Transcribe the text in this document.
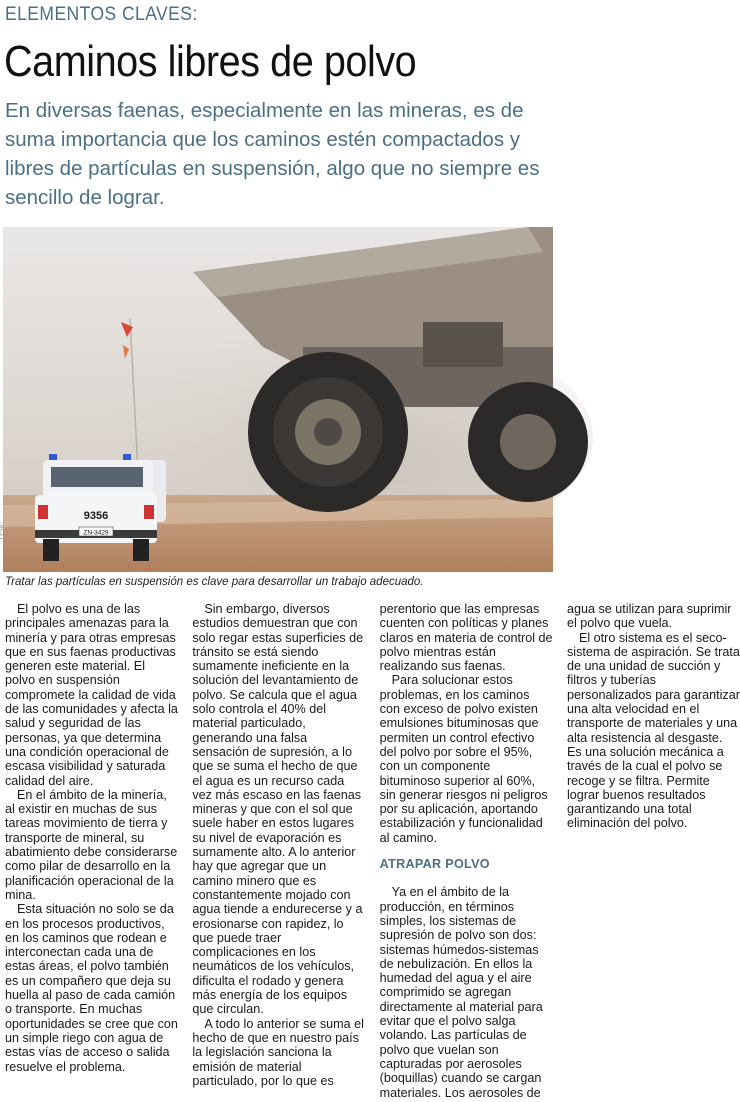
ELEMENTOS CLAVES:
Caminos libres de polvo

En diversas faenas, especialmente en las mineras, es de suma importancia que los caminos estén compactados y libres de partículas en suspensión, algo que no siempre es sencillo de lograr.

9356
ZN-3429
CCHC
Tratar las partículas en suspensión es clave para desarrollar un trabajo adecuado.

El polvo es una de las principales amenazas para la minería y para otras empresas que en sus faenas productivas generen este material. El polvo en suspensión compromete la calidad de vida de las comunidades y afecta la salud y seguridad de las personas, ya que determina una condición operacional de escasa visibilidad y saturada calidad del aire.

En el ámbito de la minería, al existir en muchas de sus tareas movimiento de tierra y transporte de mineral, su abatimiento debe considerarse como pilar de desarrollo en la planificación operacional de la mina.

Esta situación no solo se da en los procesos productivos, en los caminos que rodean e interconectan cada una de estas áreas, el polvo también es un compañero que deja su huella al paso de cada camión o transporte. En muchas oportunidades se cree que con un simple riego con agua de estas vías de acceso o salida resuelve el problema.

Sin embargo, diversos estudios demuestran que con solo regar estas superficies de tránsito se está siendo sumamente ineficiente en la solución del levantamiento de polvo. Se calcula que el agua solo controla el 40% del material particulado, generando una falsa sensación de supresión, a lo que se suma el hecho de que el agua es un recurso cada vez más escaso en las faenas mineras y que con el sol que suele haber en estos lugares su nivel de evaporación es sumamente alto. A lo anterior hay que agregar que un camino minero que es constantemente mojado con agua tiende a endurecerse y a erosionarse con rapidez, lo que puede traer complicaciones en los neumáticos de los vehículos, dificulta el rodado y genera más energía de los equipos que circulan.

A todo lo anterior se suma el hecho de que en nuestro país la legislación sanciona la emisión de material particulado, por lo que es perentorio que las empresas cuenten con políticas y planes claros en materia de control de polvo mientras están realizando sus faenas.

Para solucionar estos problemas, en los caminos con exceso de polvo existen emulsiones bituminosas que permiten un control efectivo del polvo por sobre el 95%, con un componente bituminoso superior al 60%, sin generar riesgos ni peligros por su aplicación, aportando estabilización y funcionalidad al camino.

ATRAPAR POLVO

Ya en el ámbito de la producción, en términos simples, los sistemas de supresión de polvo son dos: sistemas húmedos-sistemas de nebulización. En ellos la humedad del agua y el aire comprimido se agregan directamente al material para evitar que el polvo salga volando. Las partículas de polvo que vuelan son capturadas por aerosoles (boquillas) cuando se cargan materiales. Los aerosoles de agua se utilizan para suprimir el polvo que vuela.

El otro sistema es el seco-sistema de aspiración. Se trata de una unidad de succión y filtros y tuberías personalizados para garantizar una alta velocidad en el transporte de materiales y una alta resistencia al desgaste. Es una solución mecánica a través de la cual el polvo se recoge y se filtra. Permite lograr buenos resultados garantizando una total eliminación del polvo.
